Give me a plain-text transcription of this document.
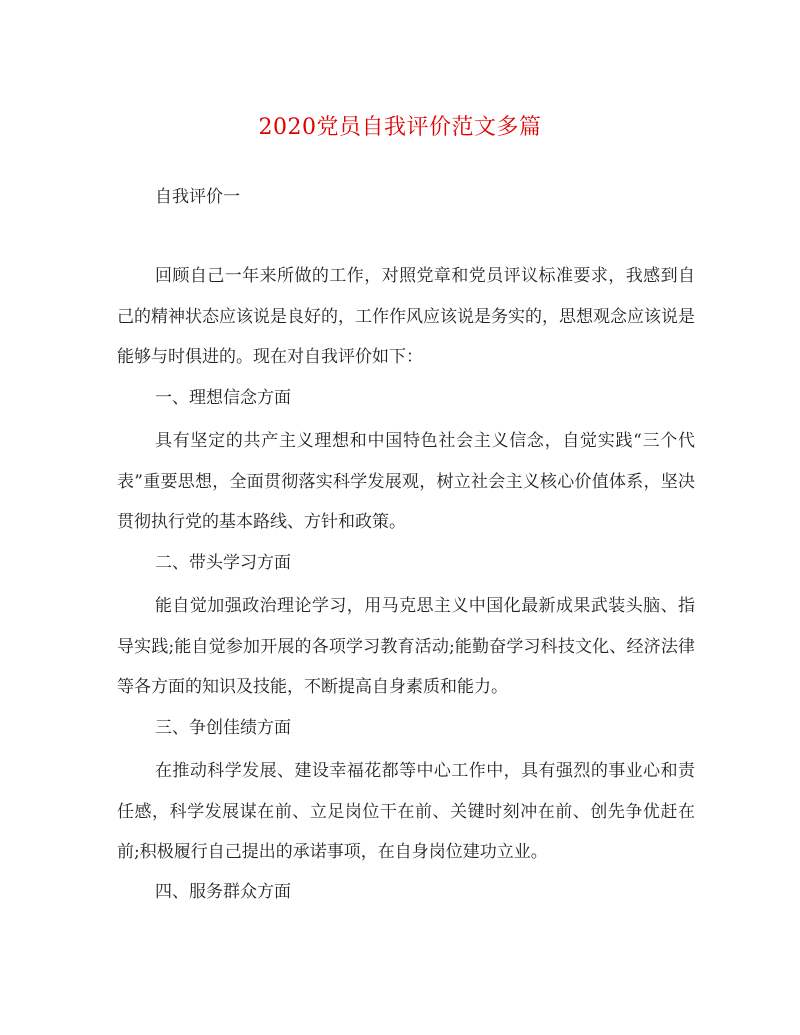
2020党员自我评价范文多篇
自我评价一
回顾自己一年来所做的工作，对照党章和党员评议标准要求，我感到自己的精神状态应该说是良好的，工作作风应该说是务实的，思想观念应该说是能够与时俱进的。现在对自我评价如下：
一、理想信念方面
具有坚定的共产主义理想和中国特色社会主义信念，自觉实践“三个代表”重要思想，全面贯彻落实科学发展观，树立社会主义核心价值体系，坚决贯彻执行党的基本路线、方针和政策。
二、带头学习方面
能自觉加强政治理论学习，用马克思主义中国化最新成果武装头脑、指导实践;能自觉参加开展的各项学习教育活动;能勤奋学习科技文化、经济法律等各方面的知识及技能，不断提高自身素质和能力。
三、争创佳绩方面
在推动科学发展、建设幸福花都等中心工作中，具有强烈的事业心和责任感，科学发展谋在前、立足岗位干在前、关键时刻冲在前、创先争优赶在前;积极履行自己提出的承诺事项，在自身岗位建功立业。
四、服务群众方面
